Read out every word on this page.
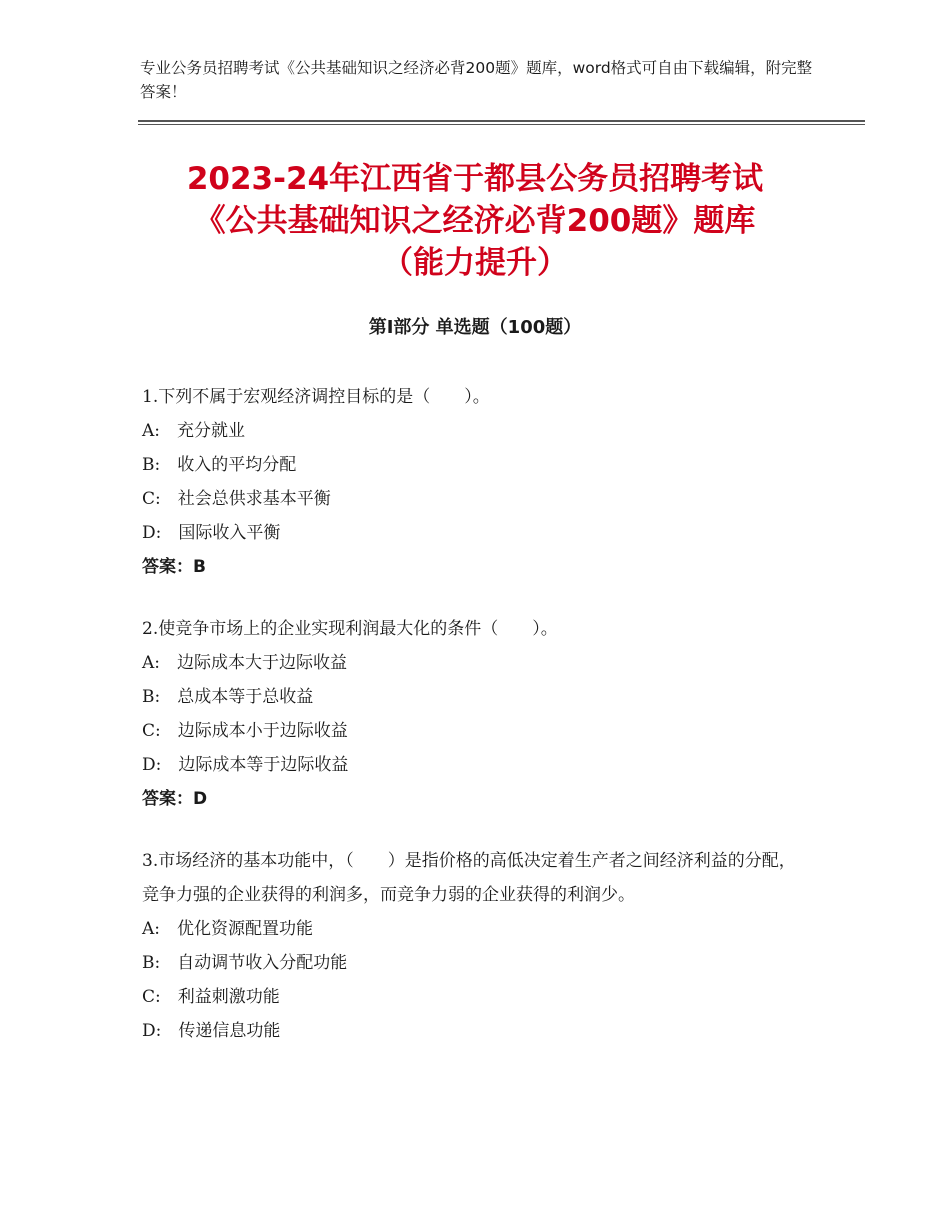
专业公务员招聘考试《公共基础知识之经济必背200题》题库，word格式可自由下载编辑，附完整答案！
2023-24年江西省于都县公务员招聘考试
《公共基础知识之经济必背200题》题库
（能力提升）
第Ⅰ部分 单选题（100题）
1.下列不属于宏观经济调控目标的是（　　）。
A:　充分就业
B:　收入的平均分配
C:　社会总供求基本平衡
D:　国际收入平衡
答案：B
2.使竞争市场上的企业实现利润最大化的条件（　　）。
A:　边际成本大于边际收益
B:　总成本等于总收益
C:　边际成本小于边际收益
D:　边际成本等于边际收益
答案：D
3.市场经济的基本功能中，（　　）是指价格的高低决定着生产者之间经济利益的分配，竞争力强的企业获得的利润多，而竞争力弱的企业获得的利润少。
A:　优化资源配置功能
B:　自动调节收入分配功能
C:　利益刺激功能
D:　传递信息功能
